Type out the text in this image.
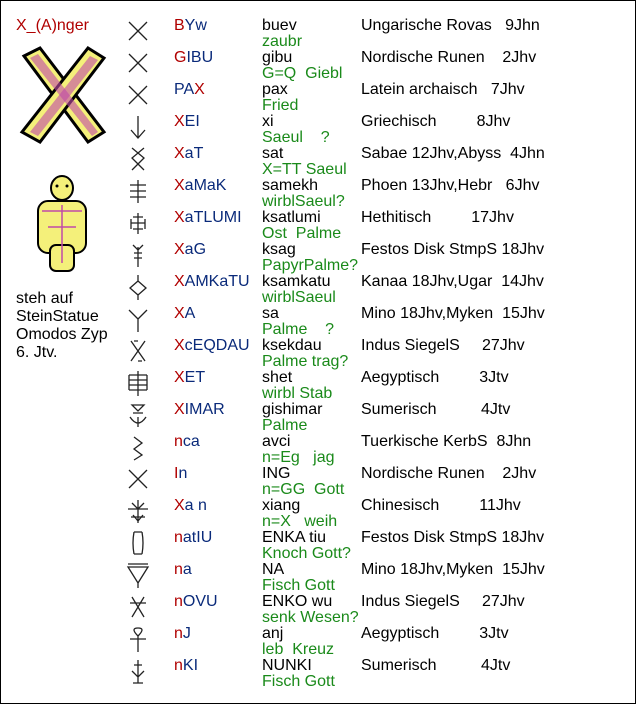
X_(A)nger
steh auf
SteinStatue
Omodos Zyp
6. Jtv.
BYw	buev
zaubr
Ungarische Rovas   9Jhn
GIBU	gibu
G=Q  Giebl
Nordische Runen    2Jhv
PAX	pax
Fried
Latein archaisch   7Jhv
XEI	xi
Saeul    ?
Griechisch         8Jhv
XaT	sat
X=TT Saeul
Sabae 12Jhv,Abyss  4Jhn
XaMaK samekh
wirblSaeul?
Phoen 13Jhv,Hebr   6Jhv
XaTLUMI ksatlumi
Ost  Palme
Hethitisch         17Jhv
XaG	ksag
PapyrPalme?
Festos Disk StmpS 18Jhv
XAMKaTU ksamkatu
wirblSaeul
Kanaa 18Jhv,Ugar  14Jhv
XA	sa
Palme    ?
Mino 18Jhv,Myken  15Jhv
XcEQDAU ksekdau
Palme trag?
Indus SiegelS     27Jhv
XET	shet
wirbl Stab
Aegyptisch         3Jtv
XIMAR gishimar
Palme
Sumerisch          4Jtv
nca	avci
n=Eg   jag
Tuerkische KerbS  8Jhn
In	ING
n=GG  Gott
Nordische Runen    2Jhv
Xa n	xiang
n=X   weih
Chinesisch         11Jhv
natIU	ENKA tiu
Knoch Gott?
Festos Disk StmpS 18Jhv
na	NA
Fisch Gott
Mino 18Jhv,Myken  15Jhv
nOVU	ENKO wu
senk Wesen?
Indus SiegelS     27Jhv
nJ	anj
leb  Kreuz
Aegyptisch         3Jtv
nKI	NUNKI
Fisch Gott
Sumerisch          4Jtv
